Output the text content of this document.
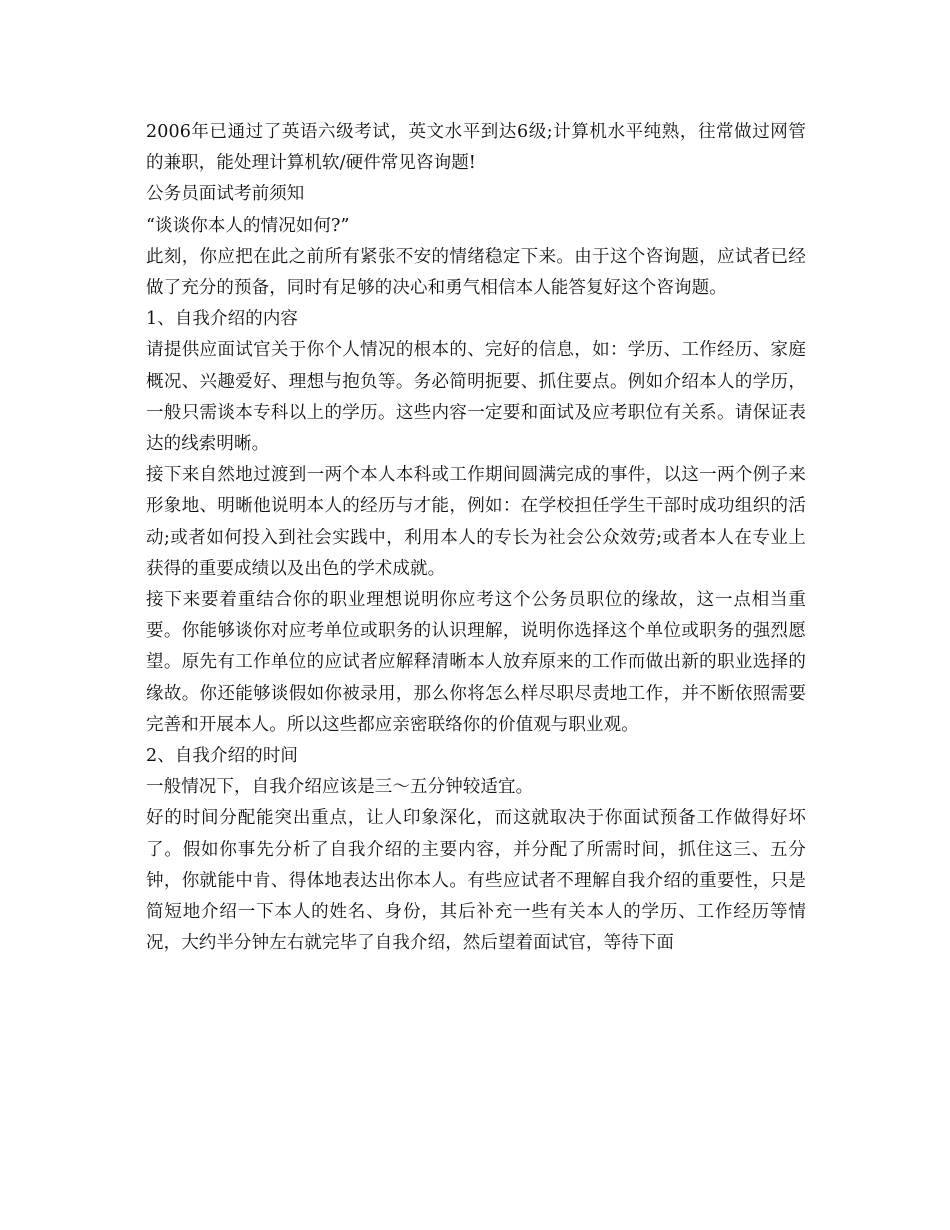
2006年已通过了英语六级考试，英文水平到达6级;计算机水平纯熟，往常做过网管的兼职，能处理计算机软/硬件常见咨询题!

公务员面试考前须知

“谈谈你本人的情况如何?”

此刻，你应把在此之前所有紧张不安的情绪稳定下来。由于这个咨询题，应试者已经做了充分的预备，同时有足够的决心和勇气相信本人能答复好这个咨询题。

1、自我介绍的内容

请提供应面试官关于你个人情况的根本的、完好的信息，如：学历、工作经历、家庭概况、兴趣爱好、理想与抱负等。务必简明扼要、抓住要点。例如介绍本人的学历，一般只需谈本专科以上的学历。这些内容一定要和面试及应考职位有关系。请保证表达的线索明晰。

接下来自然地过渡到一两个本人本科或工作期间圆满完成的事件，以这一两个例子来形象地、明晰他说明本人的经历与才能，例如：在学校担任学生干部时成功组织的活动;或者如何投入到社会实践中，利用本人的专长为社会公众效劳;或者本人在专业上获得的重要成绩以及出色的学术成就。

接下来要着重结合你的职业理想说明你应考这个公务员职位的缘故，这一点相当重要。你能够谈你对应考单位或职务的认识理解，说明你选择这个单位或职务的强烈愿望。原先有工作单位的应试者应解释清晰本人放弃原来的工作而做出新的职业选择的缘故。你还能够谈假如你被录用，那么你将怎么样尽职尽责地工作，并不断依照需要完善和开展本人。所以这些都应亲密联络你的价值观与职业观。

2、自我介绍的时间

一般情况下，自我介绍应该是三～五分钟较适宜。

好的时间分配能突出重点，让人印象深化，而这就取决于你面试预备工作做得好坏了。假如你事先分析了自我介绍的主要内容，并分配了所需时间，抓住这三、五分钟，你就能中肯、得体地表达出你本人。有些应试者不理解自我介绍的重要性，只是简短地介绍一下本人的姓名、身份，其后补充一些有关本人的学历、工作经历等情况，大约半分钟左右就完毕了自我介绍，然后望着面试官，等待下面
